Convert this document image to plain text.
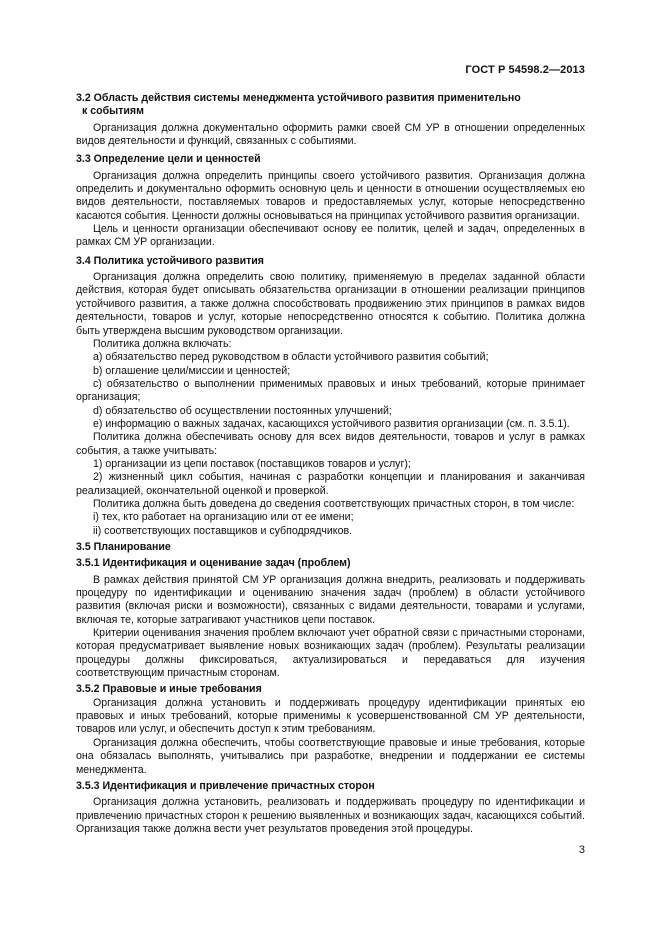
ГОСТ Р 54598.2—2013

3.2 Область действия системы менеджмента устойчивого развития применительно
к событиям

Организация должна документально оформить рамки своей СМ УР в отношении определенных видов деятельности и функций, связанных с событиями.

3.3 Определение цели и ценностей

Организация должна определить принципы своего устойчивого развития. Организация должна определить и документально оформить основную цель и ценности в отношении осуществляемых ею видов деятельности, поставляемых товаров и предоставляемых услуг, которые непосредственно касаются события. Ценности должны основываться на принципах устойчивого развития организации.

Цель и ценности организации обеспечивают основу ее политик, целей и задач, определенных в рамках СМ УР организации.

3.4 Политика устойчивого развития

Организация должна определить свою политику, применяемую в пределах заданной области действия, которая будет описывать обязательства организации в отношении реализации принципов устойчивого развития, а также должна способствовать продвижению этих принципов в рамках видов деятельности, товаров и услуг, которые непосредственно относятся к событию. Политика должна быть утверждена высшим руководством организации.

Политика должна включать:

a) обязательство перед руководством в области устойчивого развития событий;

b) оглашение цели/миссии и ценностей;

c) обязательство о выполнении применимых правовых и иных требований, которые принимает организация;

d) обязательство об осуществлении постоянных улучшений;

e) информацию о важных задачах, касающихся устойчивого развития организации (см. п. 3.5.1).

Политика должна обеспечивать основу для всех видов деятельности, товаров и услуг в рамках события, а также учитывать:

1) организации из цепи поставок (поставщиков товаров и услуг);

2) жизненный цикл события, начиная с разработки концепции и планирования и заканчивая реализацией, окончательной оценкой и проверкой.

Политика должна быть доведена до сведения соответствующих причастных сторон, в том числе:

i) тех, кто работает на организацию или от ее имени;

ii) соответствующих поставщиков и субподрядчиков.

3.5 Планирование

3.5.1 Идентификация и оценивание задач (проблем)

В рамках действия принятой СМ УР организация должна внедрить, реализовать и поддерживать процедуру по идентификации и оцениванию значения задач (проблем) в области устойчивого развития (включая риски и возможности), связанных с видами деятельности, товарами и услугами, включая те, которые затрагивают участников цепи поставок.

Критерии оценивания значения проблем включают учет обратной связи с причастными сторонами, которая предусматривает выявление новых возникающих задач (проблем). Результаты реализации процедуры должны фиксироваться, актуализироваться и передаваться для изучения соответствующим причастным сторонам.

3.5.2 Правовые и иные требования

Организация должна установить и поддерживать процедуру идентификации принятых ею правовых и иных требований, которые применимы к усовершенствованной СМ УР деятельности, товаров или услуг, и обеспечить доступ к этим требованиям.

Организация должна обеспечить, чтобы соответствующие правовые и иные требования, которые она обязалась выполнять, учитывались при разработке, внедрении и поддержании ее системы менеджмента.

3.5.3 Идентификация и привлечение причастных сторон

Организация должна установить, реализовать и поддерживать процедуру по идентификации и привлечению причастных сторон к решению выявленных и возникающих задач, касающихся событий. Организация также должна вести учет результатов проведения этой процедуры.

3
